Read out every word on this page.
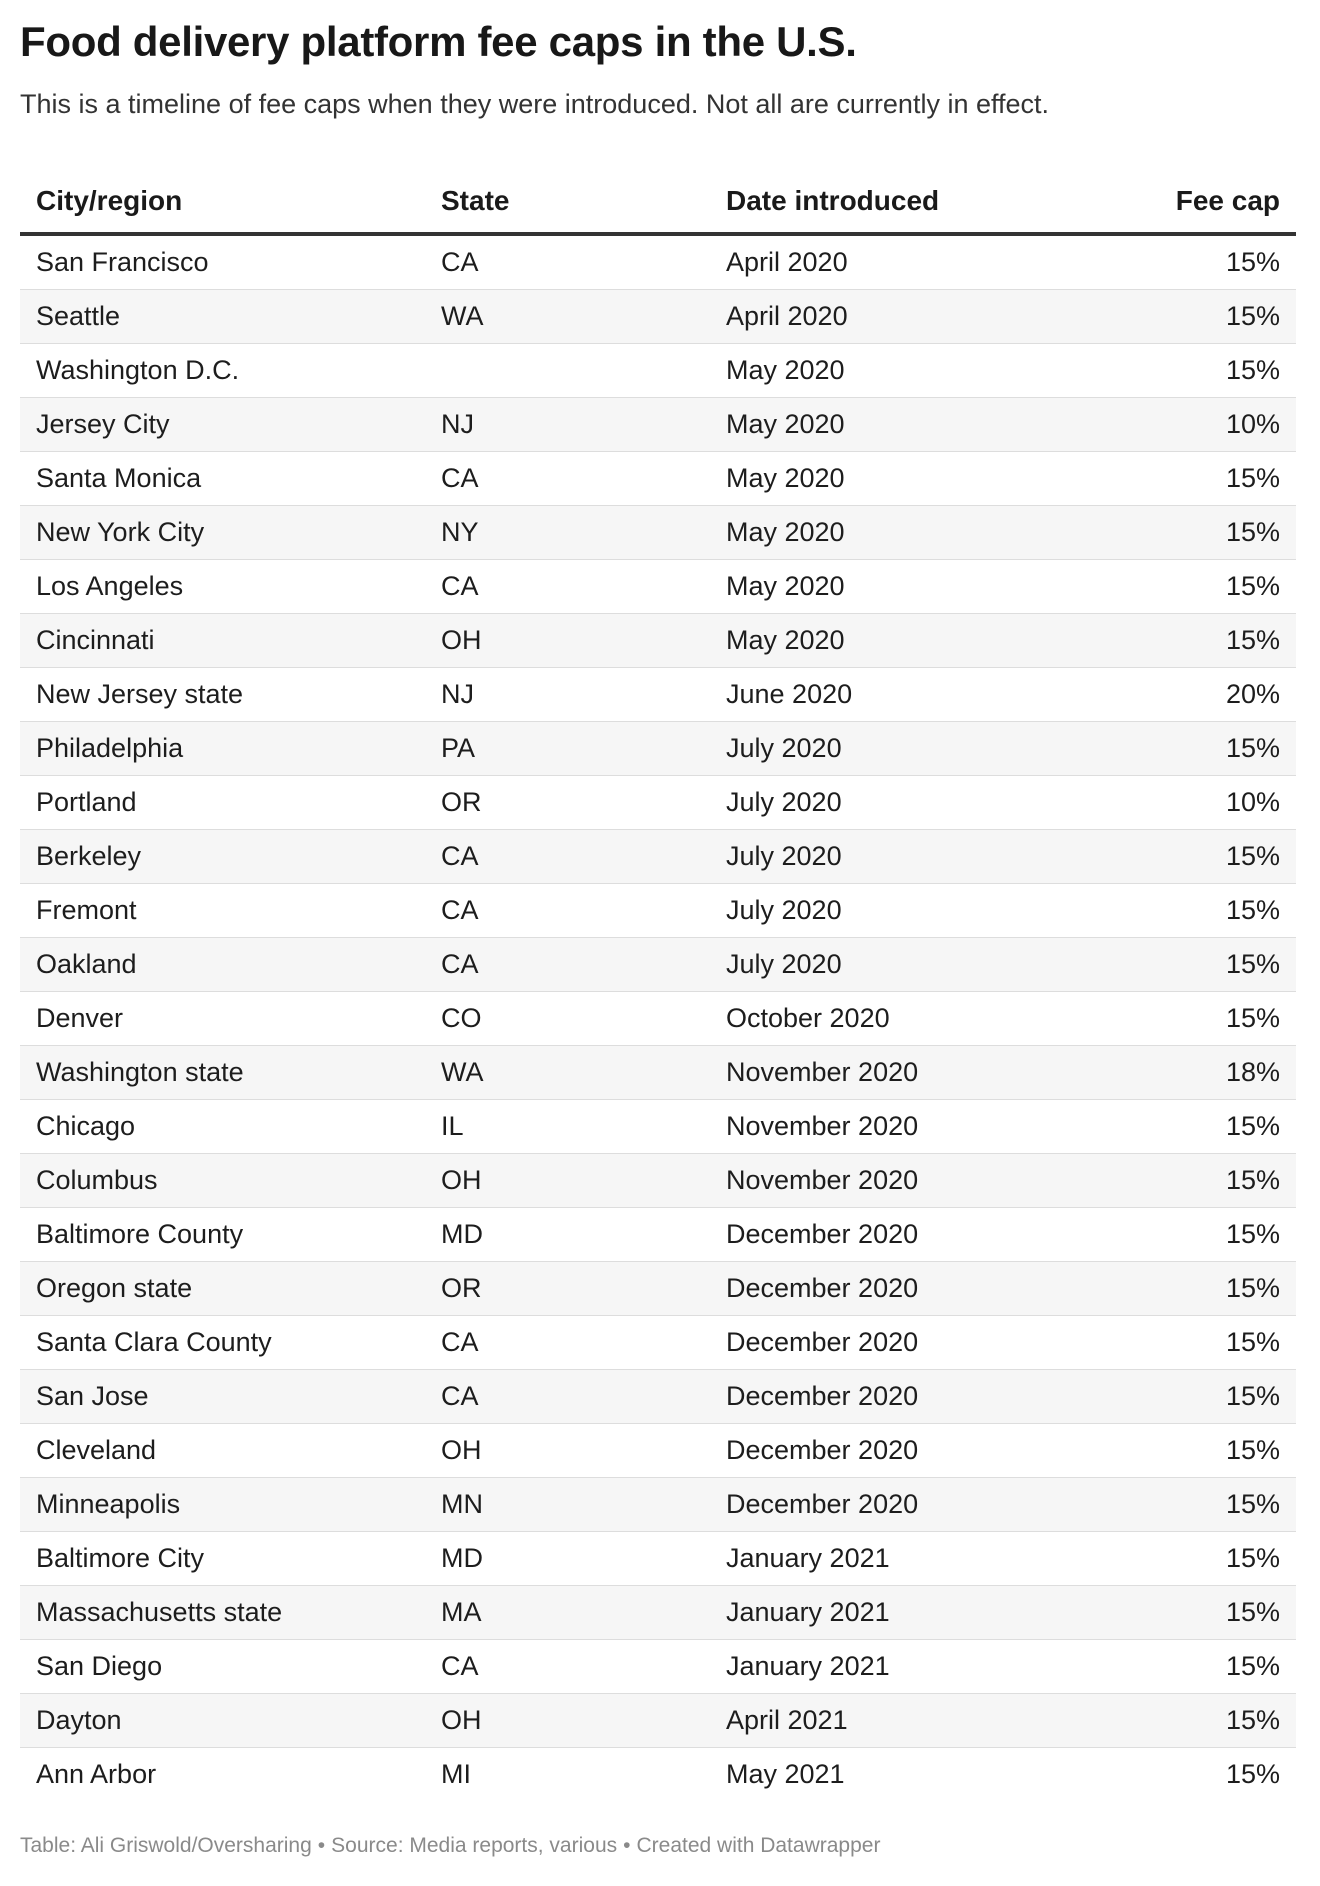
Food delivery platform fee caps in the U.S.

This is a timeline of fee caps when they were introduced. Not all are currently in effect.

City/region	State	Date introduced	Fee cap
San Francisco	CA	April 2020	15%
Seattle	WA	April 2020	15%
Washington D.C.		May 2020	15%
Jersey City	NJ	May 2020	10%
Santa Monica	CA	May 2020	15%
New York City	NY	May 2020	15%
Los Angeles	CA	May 2020	15%
Cincinnati	OH	May 2020	15%
New Jersey state	NJ	June 2020	20%
Philadelphia	PA	July 2020	15%
Portland	OR	July 2020	10%
Berkeley	CA	July 2020	15%
Fremont	CA	July 2020	15%
Oakland	CA	July 2020	15%
Denver	CO	October 2020	15%
Washington state	WA	November 2020	18%
Chicago	IL	November 2020	15%
Columbus	OH	November 2020	15%
Baltimore County	MD	December 2020	15%
Oregon state	OR	December 2020	15%
Santa Clara County	CA	December 2020	15%
San Jose	CA	December 2020	15%
Cleveland	OH	December 2020	15%
Minneapolis	MN	December 2020	15%
Baltimore City	MD	January 2021	15%
Massachusetts state	MA	January 2021	15%
San Diego	CA	January 2021	15%
Dayton	OH	April 2021	15%
Ann Arbor	MI	May 2021	15%

Table: Ali Griswold/Oversharing • Source: Media reports, various • Created with Datawrapper
